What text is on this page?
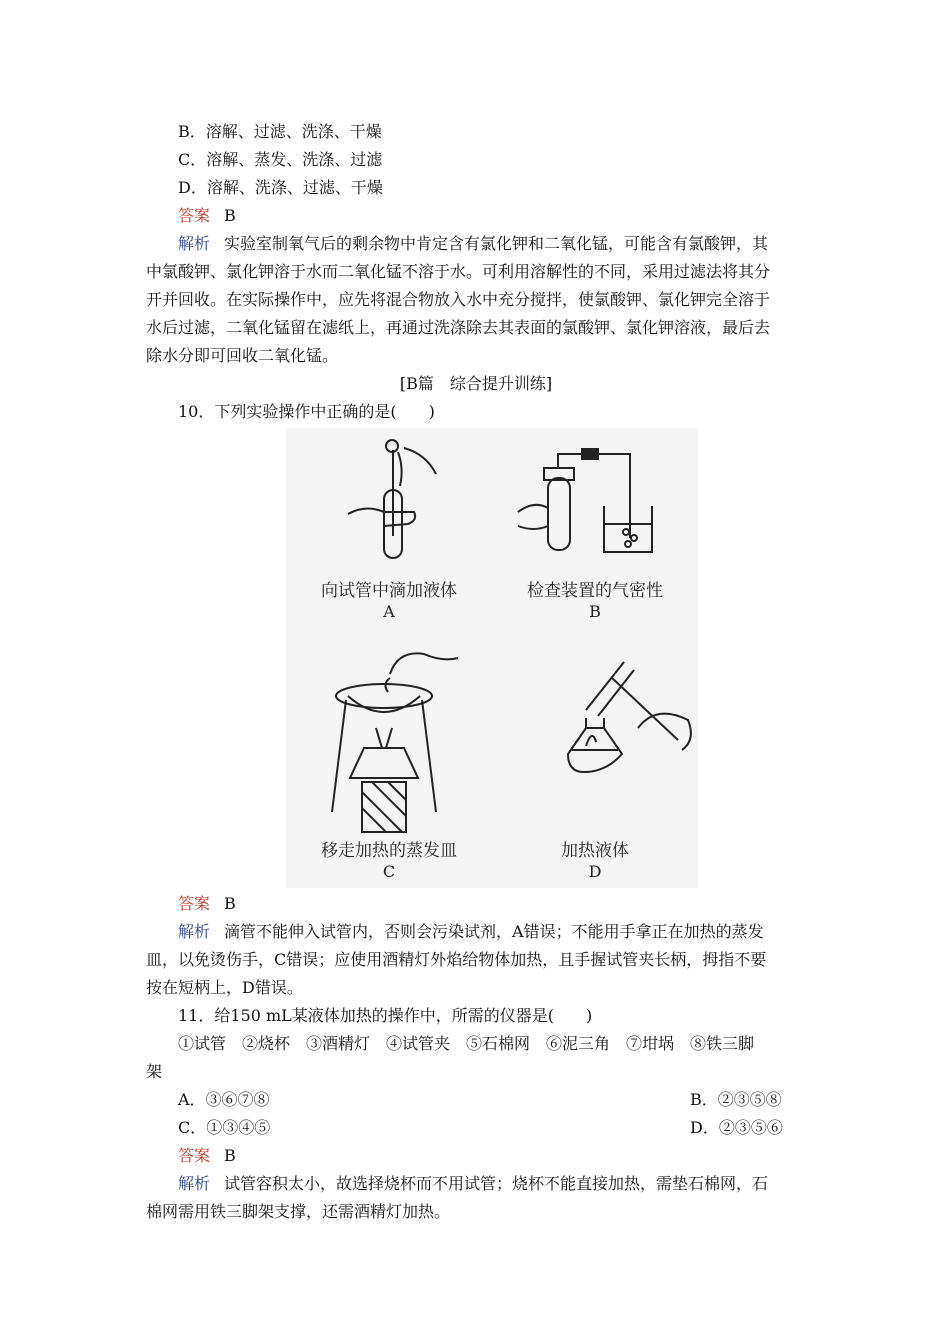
B．溶解、过滤、洗涤、干燥
C．溶解、蒸发、洗涤、过滤
D．溶解、洗涤、过滤、干燥
答案 B
解析 实验室制氧气后的剩余物中肯定含有氯化钾和二氧化锰，可能含有氯酸钾，其
中氯酸钾、氯化钾溶于水而二氧化锰不溶于水。可利用溶解性的不同，采用过滤法将其分
开并回收。在实际操作中，应先将混合物放入水中充分搅拌，使氯酸钾、氯化钾完全溶于
水后过滤，二氧化锰留在滤纸上，再通过洗涤除去其表面的氯酸钾、氯化钾溶液，最后去
除水分即可回收二氧化锰。
[B篇　综合提升训练]
10．下列实验操作中正确的是(　　)
向试管中滴加液体
A
检查装置的气密性
B
移走加热的蒸发皿
C
加热液体
D
答案 B
解析 滴管不能伸入试管内，否则会污染试剂，A错误；不能用手拿正在加热的蒸发
皿，以免烫伤手，C错误；应使用酒精灯外焰给物体加热，且手握试管夹长柄，拇指不要
按在短柄上，D错误。
11．给150 mL某液体加热的操作中，所需的仪器是(　　)
①试管　②烧杯　③酒精灯　④试管夹　⑤石棉网　⑥泥三角　⑦坩埚　⑧铁三脚
架
A．③⑥⑦⑧	B．②③⑤⑧
C．①③④⑤	D．②③⑤⑥
答案 B
解析 试管容积太小，故选择烧杯而不用试管；烧杯不能直接加热，需垫石棉网，石
棉网需用铁三脚架支撑，还需酒精灯加热。
